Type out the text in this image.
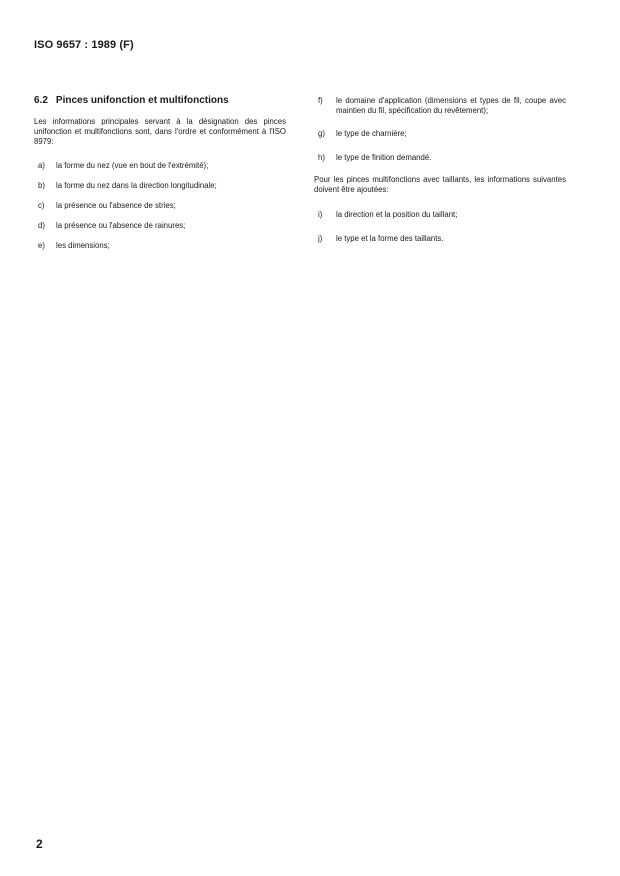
ISO 9657 : 1989 (F)
6.2 Pinces unifonction et multifonctions

Les informations principales servant à la désignation des pinces unifonction et multifonctions sont, dans l'ordre et conformément à l'ISO 8979:

a) la forme du nez (vue en bout de l'extrémité);
b) la forme du nez dans la direction longitudinale;
c) la présence ou l'absence de stries;
d) la présence ou l'absence de rainures;
e) les dimensions;
f) le domaine d'application (dimensions et types de fil, coupe avec maintien du fil, spécification du revêtement);
g) le type de charnière;
h) le type de finition demandé.

Pour les pinces multifonctions avec taillants, les informations suivantes doivent être ajoutées:

i) la direction et la position du taillant;
j) le type et la forme des taillants.
2
